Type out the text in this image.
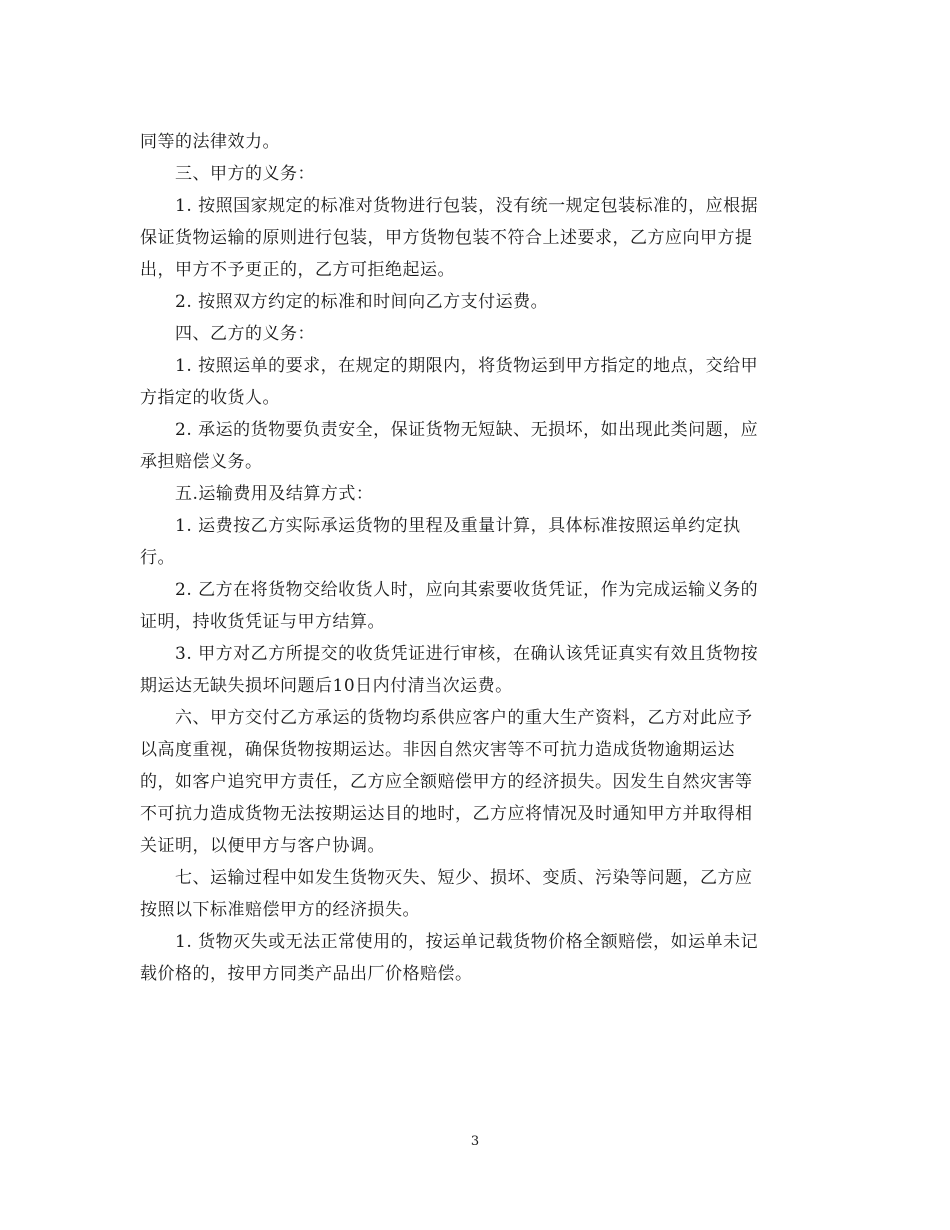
同等的法律效力。
三、甲方的义务：
1. 按照国家规定的标准对货物进行包装，没有统一规定包装标准的，应根据
保证货物运输的原则进行包装，甲方货物包装不符合上述要求，乙方应向甲方提
出，甲方不予更正的，乙方可拒绝起运。
2. 按照双方约定的标准和时间向乙方支付运费。
四、乙方的义务：
1. 按照运单的要求，在规定的期限内，将货物运到甲方指定的地点，交给甲
方指定的收货人。
2. 承运的货物要负责安全，保证货物无短缺、无损坏，如出现此类问题，应
承担赔偿义务。
五.运输费用及结算方式：
1. 运费按乙方实际承运货物的里程及重量计算，具体标准按照运单约定执
行。
2. 乙方在将货物交给收货人时，应向其索要收货凭证，作为完成运输义务的
证明，持收货凭证与甲方结算。
3. 甲方对乙方所提交的收货凭证进行审核，在确认该凭证真实有效且货物按
期运达无缺失损坏问题后10日内付清当次运费。
六、甲方交付乙方承运的货物均系供应客户的重大生产资料，乙方对此应予
以高度重视，确保货物按期运达。非因自然灾害等不可抗力造成货物逾期运达
的，如客户追究甲方责任，乙方应全额赔偿甲方的经济损失。因发生自然灾害等
不可抗力造成货物无法按期运达目的地时，乙方应将情况及时通知甲方并取得相
关证明，以便甲方与客户协调。
七、运输过程中如发生货物灭失、短少、损坏、变质、污染等问题，乙方应
按照以下标准赔偿甲方的经济损失。
1. 货物灭失或无法正常使用的，按运单记载货物价格全额赔偿，如运单未记
载价格的，按甲方同类产品出厂价格赔偿。
3
